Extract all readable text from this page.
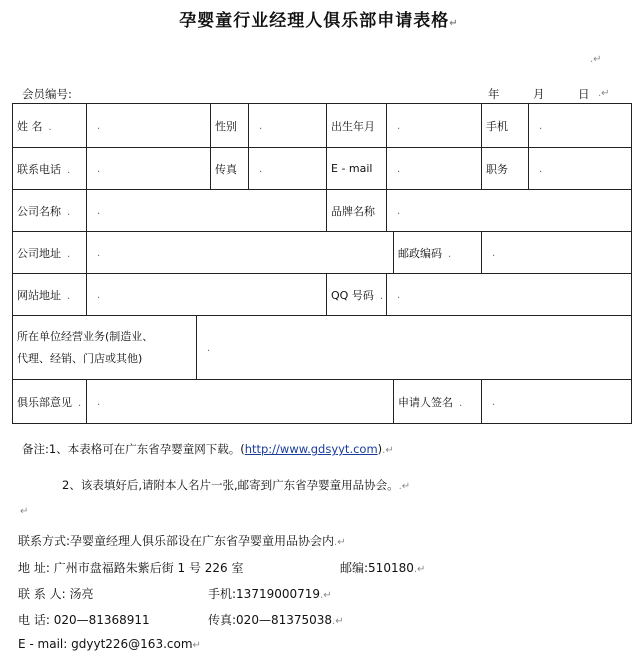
孕婴童行业经理人俱乐部申请表格↵
.↵
会员编号:	年	月	日 .↵
姓 名 .	.		性别	.	出生年月	.		手机	.
联系电话 .	.		传真	.	E - mail	.		职务	.
公司名称 .	.				品牌名称	.			
公司地址 .	.						邮政编码 .	.	
网站地址 .	.				QQ 号码 .	.			

所在单位经营业务(制造业、
代理、经销、门店或其他)		.							
俱乐部意见 .	.						申请人签名 .	.	
备注:1、本表格可在广东省孕婴童网下载。(http://www.gdsyyt.com).↵
2、该表填好后,请附本人名片一张,邮寄到广东省孕婴童用品协会。.↵
↵
联系方式:孕婴童经理人俱乐部设在广东省孕婴童用品协会内.↵
地 址: 广州市盘福路朱紫后街 1 号 226 室	邮编:510180.↵
联 系 人: 汤亮	手机:13719000719.↵
电 话: 020—81368911	传真:020—81375038.↵
E - mail: gdyyt226@163.com↵
